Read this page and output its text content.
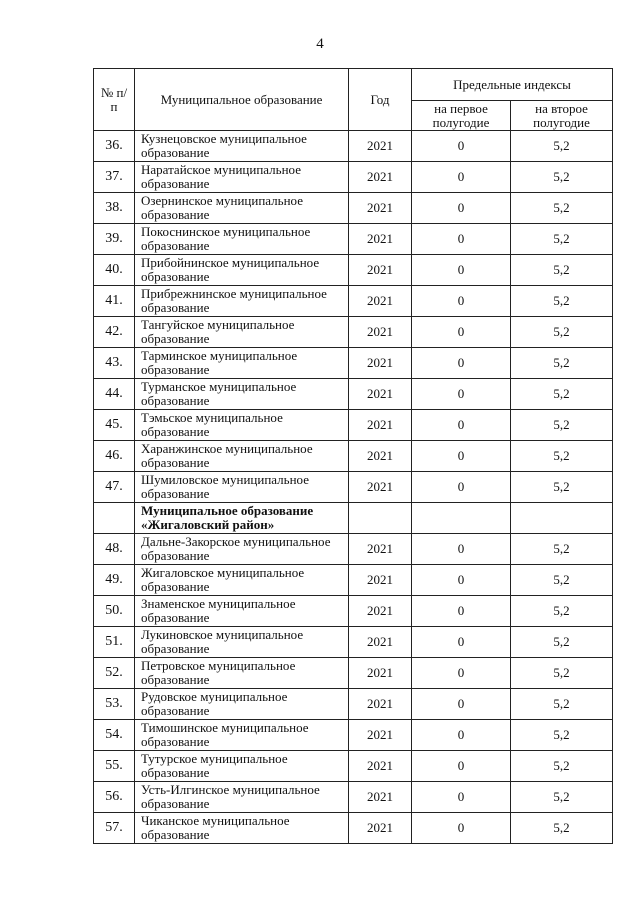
4
№ п/п	Муниципальное образование	Год	Предельные индексы	
			на первое полугодие	на второе полугодие
36.	Кузнецовское муниципальное образование	2021	0	5,2
37.	Наратайское муниципальное образование	2021	0	5,2
38.	Озернинское муниципальное образование	2021	0	5,2
39.	Покоснинское муниципальное образование	2021	0	5,2
40.	Прибойнинское муниципальное образование	2021	0	5,2
41.	Прибрежнинское муниципальное образование	2021	0	5,2
42.	Тангуйское муниципальное образование	2021	0	5,2
43.	Тарминское муниципальное образование	2021	0	5,2
44.	Турманское муниципальное образование	2021	0	5,2
45.	Тэмьское муниципальное образование	2021	0	5,2
46.	Харанжинское муниципальное образование	2021	0	5,2
47.	Шумиловское муниципальное образование	2021	0	5,2
	Муниципальное образование «Жигаловский район»			
48.	Дальне-Закорское муниципальное образование	2021	0	5,2
49.	Жигаловское муниципальное образование	2021	0	5,2
50.	Знаменское муниципальное образование	2021	0	5,2
51.	Лукиновское муниципальное образование	2021	0	5,2
52.	Петровское муниципальное образование	2021	0	5,2
53.	Рудовское муниципальное образование	2021	0	5,2
54.	Тимошинское муниципальное образование	2021	0	5,2
55.	Тутурское муниципальное образование	2021	0	5,2
56.	Усть-Илгинское муниципальное образование	2021	0	5,2
57.	Чиканское муниципальное образование	2021	0	5,2
